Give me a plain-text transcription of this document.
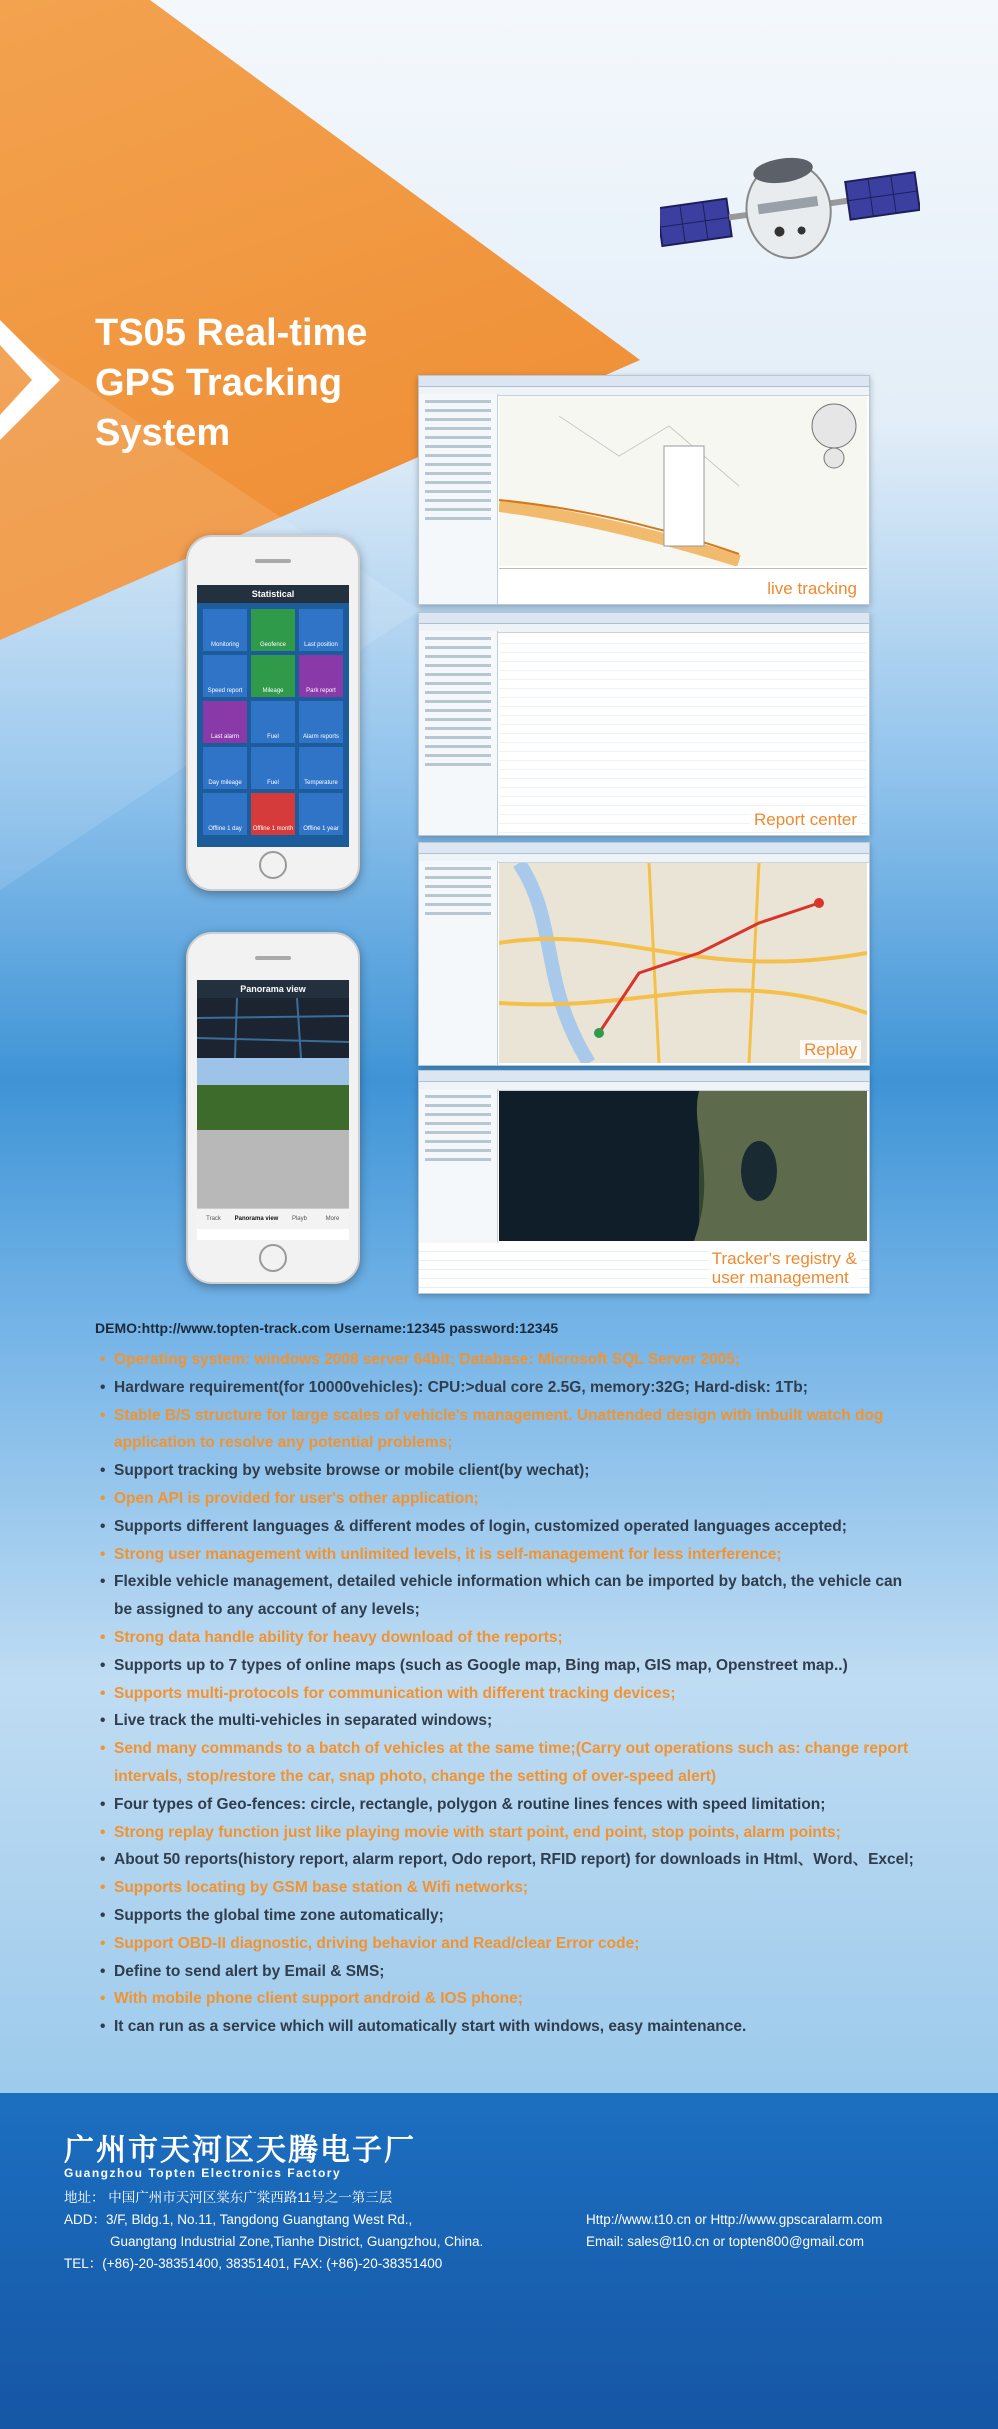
TS05 Real-time
GPS Tracking
System
live tracking
Report center
Replay
Tracker's registry &
user management
Statistical
Monitoring	Geofence	Last position
Speed report	Mileage	Park report
Last alarm	Fuel	Alarm reports
Day mileage	Fuel	Temperature
Offline 1 day	Offline 1 month	Offline 1 year
Panorama view
Track	Panorama view	Playb	More
DEMO:http://www.topten-track.com Username:12345 password:12345
• Operating system: windows 2008 server 64bit; Database: Microsoft SQL Server 2005;
• Hardware requirement(for 10000vehicles): CPU:>dual core 2.5G, memory:32G; Hard-disk: 1Tb;
• Stable B/S structure for large scales of vehicle's management. Unattended design with inbuilt watch dog application to resolve any potential problems;
• Support tracking by website browse or mobile client(by wechat);
• Open API is provided for user's other application;
• Supports different languages & different modes of login, customized operated languages accepted;
• Strong user management with unlimited levels, it is self-management for less interference;
• Flexible vehicle management, detailed vehicle information which can be imported by batch, the vehicle can be assigned to any account of any levels;
• Strong data handle ability for heavy download of the reports;
• Supports up to 7 types of online maps (such as Google map, Bing map, GIS map, Openstreet map..)
• Supports multi-protocols for communication with different tracking devices;
• Live track the multi-vehicles in separated windows;
• Send many commands to a batch of vehicles at the same time;(Carry out operations such as: change report intervals, stop/restore the car, snap photo, change the setting of over-speed alert)
• Four types of Geo-fences: circle, rectangle, polygon & routine lines fences with speed limitation;
• Strong replay function just like playing movie with start point, end point, stop points, alarm points;
• About 50 reports(history report, alarm report, Odo report, RFID report) for downloads in Html、Word、Excel;
• Supports locating by GSM base station & Wifi networks;
• Supports the global time zone automatically;
• Support OBD-II diagnostic, driving behavior and Read/clear Error code;
• Define to send alert by Email & SMS;
• With mobile phone client support android & IOS phone;
• It can run as a service which will automatically start with windows, easy maintenance.
广州市天河区天腾电子厂
Guangzhou Topten Electronics Factory
地址： 中国广州市天河区棠东广棠西路11号之一第三层
ADD：3/F, Bldg.1, No.11, Tangdong Guangtang West Rd.,
Guangtang Industrial Zone,Tianhe District, Guangzhou, China.
TEL：(+86)-20-38351400, 38351401, FAX: (+86)-20-38351400
Http://www.t10.cn or Http://www.gpscaralarm.com
Email: sales@t10.cn or topten800@gmail.com
